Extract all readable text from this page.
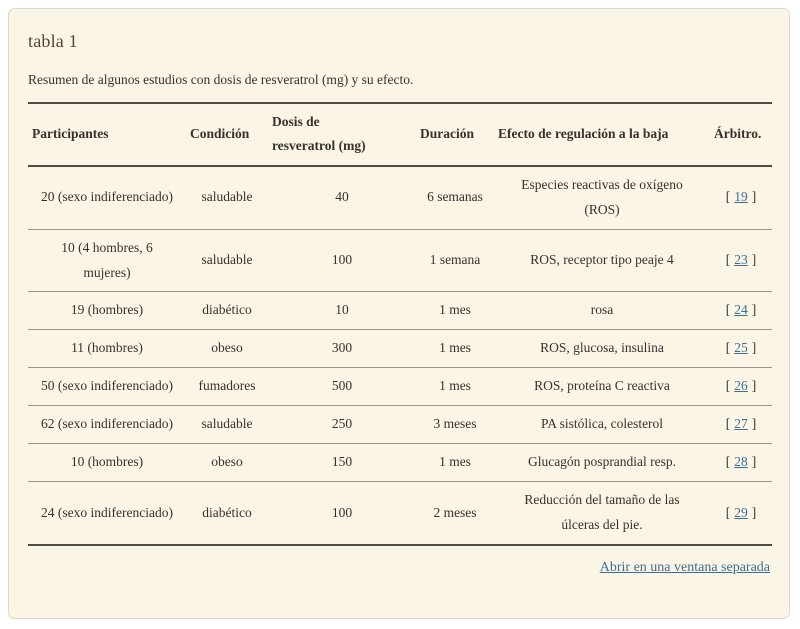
tabla 1

Resumen de algunos estudios con dosis de resveratrol (mg) y su efecto.

Participantes	Condición	Dosis de resveratrol (mg)	Duración	Efecto de regulación a la baja	Árbitro.
20 (sexo indiferenciado)	saludable	40	6 semanas	Especies reactivas de oxígeno (ROS)	[ 19 ]
10 (4 hombres, 6 mujeres)	saludable	100	1 semana	ROS, receptor tipo peaje 4	[ 23 ]
19 (hombres)	diabético	10	1 mes	rosa	[ 24 ]
11 (hombres)	obeso	300	1 mes	ROS, glucosa, insulina	[ 25 ]
50 (sexo indiferenciado)	fumadores	500	1 mes	ROS, proteína C reactiva	[ 26 ]
62 (sexo indiferenciado)	saludable	250	3 meses	PA sistólica, colesterol	[ 27 ]
10 (hombres)	obeso	150	1 mes	Glucagón posprandial resp.	[ 28 ]
24 (sexo indiferenciado)	diabético	100	2 meses	Reducción del tamaño de las úlceras del pie.	[ 29 ]
Abrir en una ventana separada
